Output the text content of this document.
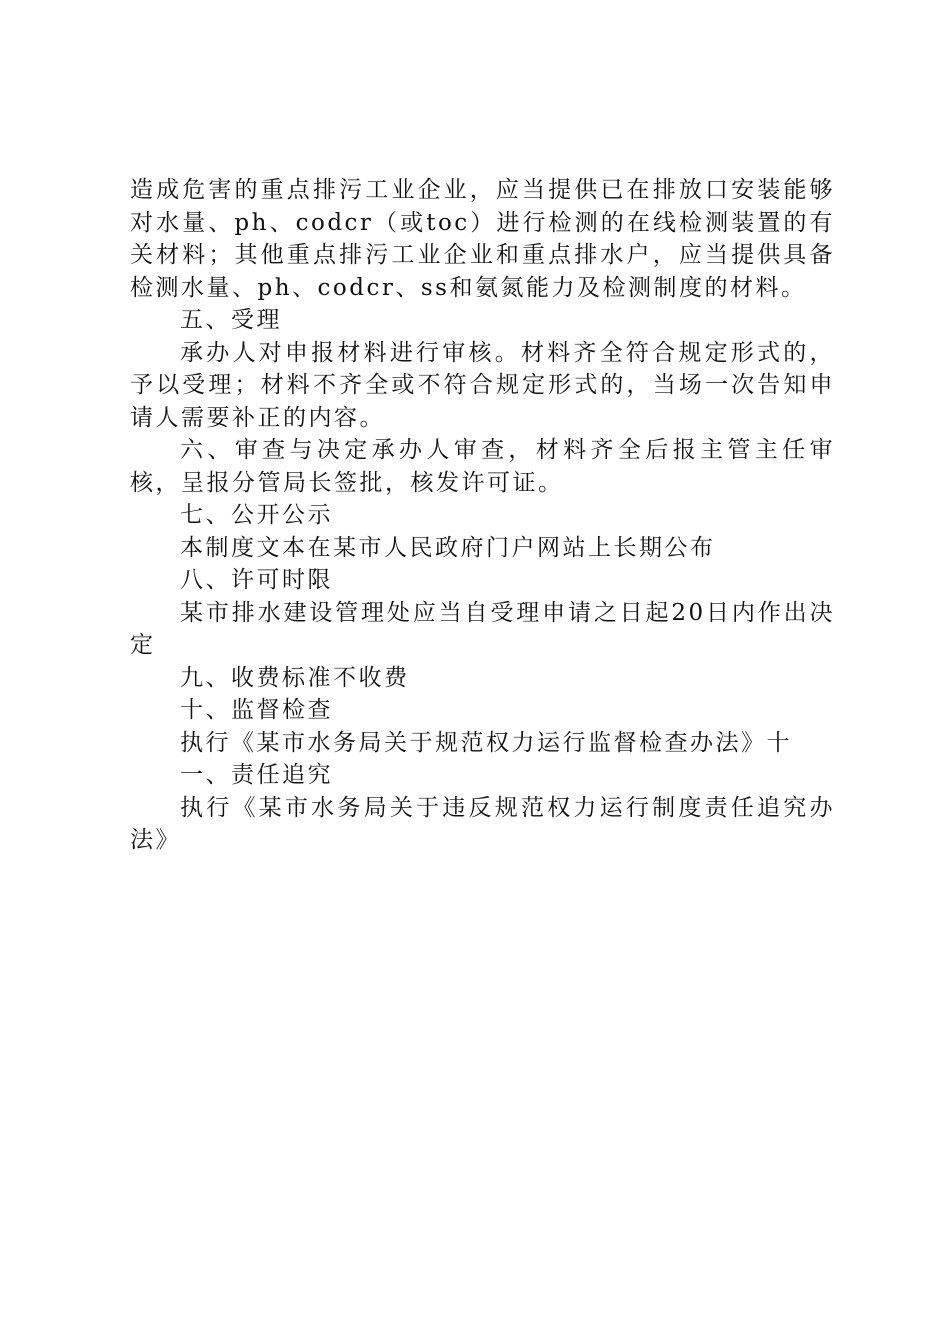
造成危害的重点排污工业企业，应当提供已在排放口安装能够对水量、ph、codcr（或toc）进行检测的在线检测装置的有关材料；其他重点排污工业企业和重点排水户，应当提供具备检测水量、ph、codcr、ss和氨氮能力及检测制度的材料。

五、受理

承办人对申报材料进行审核。材料齐全符合规定形式的，予以受理；材料不齐全或不符合规定形式的，当场一次告知申请人需要补正的内容。

六、审查与决定承办人审查，材料齐全后报主管主任审核，呈报分管局长签批，核发许可证。

七、公开公示

本制度文本在某市人民政府门户网站上长期公布

八、许可时限

某市排水建设管理处应当自受理申请之日起20日内作出决定

九、收费标准不收费

十、监督检查

执行《某市水务局关于规范权力运行监督检查办法》十

一、责任追究

执行《某市水务局关于违反规范权力运行制度责任追究办法》
